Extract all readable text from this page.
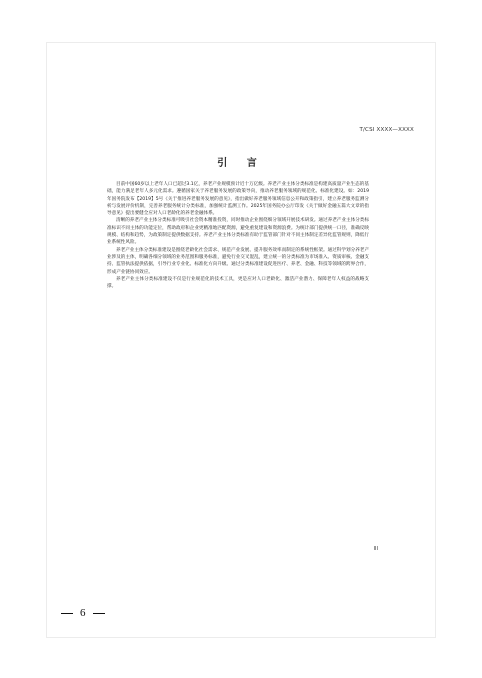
T/CSI XXXX—XXXX
引 言

目前中国60岁以上老年人口已超过3.1亿，养老产业规模预计近十万亿级。养老产业主体分类标准是构建高质量产业生态的基础，能力满足老年人多元化需求。遵循国家关于养老服务发展的政策导向，推动养老服务领域的规范化、标准化建设。如：2019年国务院发布【2019】5号《关于推进养老服务发展的意见》，指出做好养老服务领域信息公开和政策指引，建立养老服务监测分析与发展评价机制，完善养老服务统计分类标准，加强统计监测工作。2025年国务院办公厅印发《关于做好金融五篇大文章的指导意见》提出要健全应对人口老龄化的养老金融体系。

清晰的养老产业主体分类标准可吸引社会资本精准投资，同时推动企业围绕细分领域开展技术研发。通过养老产业主体分类标准标识不同主体的功能定位，帮助政府和企业更精准地匹配资源，避免重复建设和资源浪费。为统计部门提供统一口径，准确反映规模、结构和趋势，为政策制定提供数据支持。养老产业主体分类标准有助于监管部门针对不同主体制定差异化监管规则，降低行业系统性风险。

养老产业主体分类标准建设是围绕老龄化社会需求、规范产业发展、提升服务效率而制定的系统性框架。通过科学划分养老产业涉及的主体，明确各细分领域的业务范围和服务标准，避免行业交叉混乱，建立统一的分类标准为市场准入、资质审核、金融支持、监管执法提供依据，引导行业专业化、标准化方向升级。通过分类标准建设促进医疗、养老、金融、科技等领域的跨界合作，形成产业链协同效应。

养老产业主体分类标准建设不仅是行业规范化的技术工具，更是应对人口老龄化、激活产业潜力、保障老年人权益的战略支撑。

III
6
